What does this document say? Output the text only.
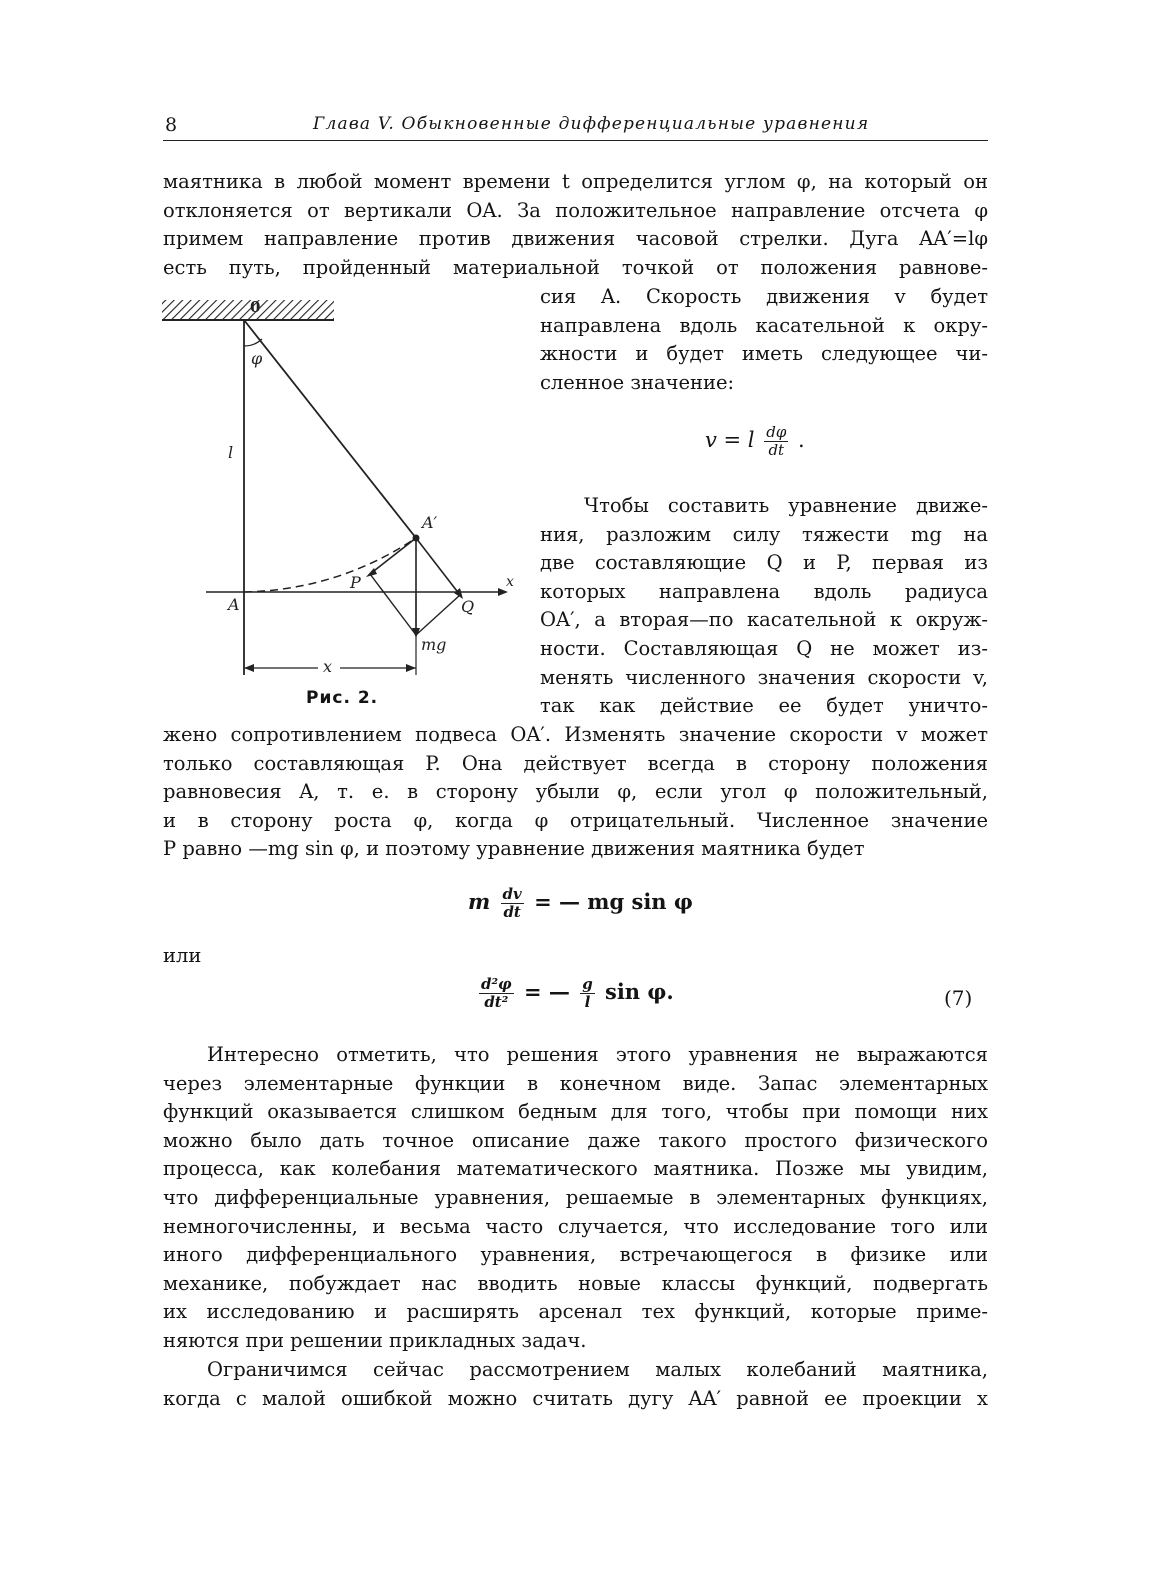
8	Глава V. Обыкновенные дифференциальные уравнения
маятника в любой момент времени t определится углом φ, на который он
отклоняется от вертикали OA. За положительное направление отсчета φ
примем направление против движения часовой стрелки. Дуга AA′=lφ
есть путь, пройденный материальной точкой от положения равнове-
сия A. Скорость движения v будет
направлена вдоль касательной к окру-
жности и будет иметь следующее чи-
сленное значение:
v = l $\frac{d\varphi}{dt}$ .
Чтобы составить уравнение движе-
ния, разложим силу тяжести mg на
две составляющие Q и P, первая из
которых направлена вдоль радиуса
OA′, а вторая—по касательной к окруж-
ности. Составляющая Q не может из-
менять численного значения скорости v,
так как действие ее будет уничто-
жено сопротивлением подвеса OA′. Изменять значение скорости v может
только составляющая P. Она действует всегда в сторону положения
равновесия A, т. е. в сторону убыли φ, если угол φ положительный,
и в сторону роста φ, когда φ отрицательный. Численное значение
P равно —mg sin φ, и поэтому уравнение движения маятника будет
m $\frac{dv}{dt}$ = — mg sin φ
или
$\frac{\text{d²φ}}{\text{dt²}}$ = — $\frac{g}{l}$ sin φ.	(7)
Интересно отметить, что решения этого уравнения не выражаются
через элементарные функции в конечном виде. Запас элементарных
функций оказывается слишком бедным для того, чтобы при помощи них
можно было дать точное описание даже такого простого физического
процесса, как колебания математического маятника. Позже мы увидим,
что дифференциальные уравнения, решаемые в элементарных функциях,
немногочисленны, и весьма часто случается, что исследование того или
иного дифференциального уравнения, встречающегося в физике или
механике, побуждает нас вводить новые классы функций, подвергать
их исследованию и расширять арсенал тех функций, которые приме-
няются при решении прикладных задач.
Ограничимся сейчас рассмотрением малых колебаний маятника,
когда с малой ошибкой можно считать дугу AA′ равной ее проекции x
0
φ
l
A′
x
A
mg
Q
P
x
Рис. 2.
